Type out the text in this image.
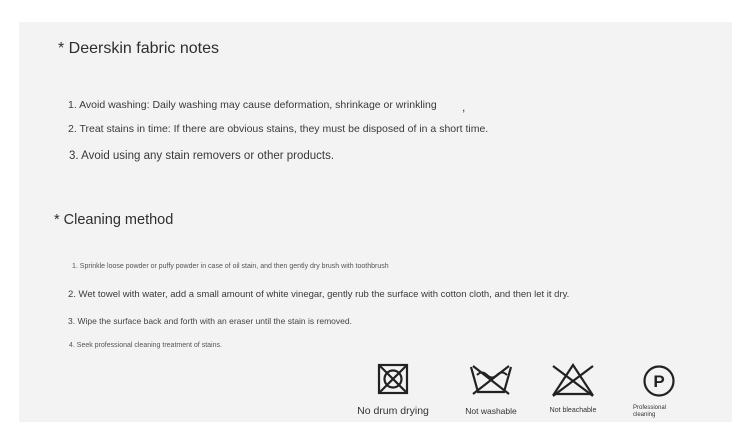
* Deerskin fabric notes
1. Avoid washing: Daily washing may cause deformation, shrinkage or wrinkling ,
2. Treat stains in time: If there are obvious stains, they must be disposed of in a short time.
3. Avoid using any stain removers or other products.
* Cleaning method
1. Sprinkle loose powder or puffy powder in case of oil stain, and then gently dry brush with toothbrush
2. Wet towel with water, add a small amount of white vinegar, gently rub the surface with cotton cloth, and then let it dry.
3. Wipe the surface back and forth with an eraser until the stain is removed.
4. Seek professional cleaning treatment of stains.
No drum drying	Not washable	Not bleachable
P
Professional cleaning
